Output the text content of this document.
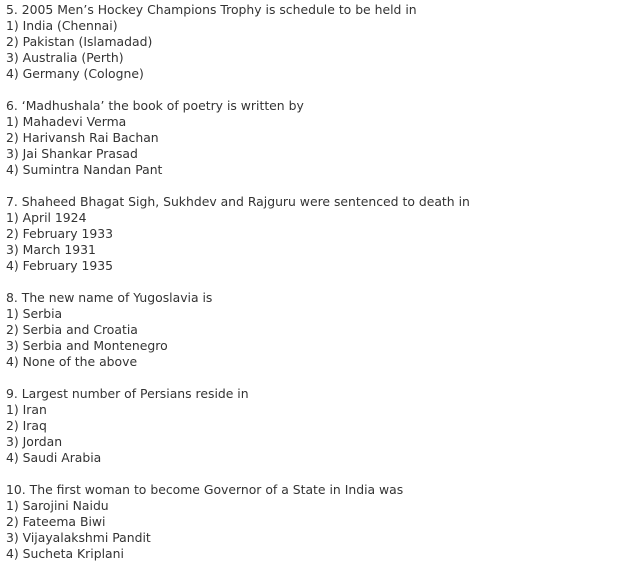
5. 2005 Men’s Hockey Champions Trophy is schedule to be held in
1) India (Chennai)
2) Pakistan (Islamadad)
3) Australia (Perth)
4) Germany (Cologne)
6. ‘Madhushala’ the book of poetry is written by
1) Mahadevi Verma
2) Harivansh Rai Bachan
3) Jai Shankar Prasad
4) Sumintra Nandan Pant
7. Shaheed Bhagat Sigh, Sukhdev and Rajguru were sentenced to death in
1) April 1924
2) February 1933
3) March 1931
4) February 1935
8. The new name of Yugoslavia is
1) Serbia
2) Serbia and Croatia
3) Serbia and Montenegro
4) None of the above
9. Largest number of Persians reside in
1) Iran
2) Iraq
3) Jordan
4) Saudi Arabia
10. The first woman to become Governor of a State in India was
1) Sarojini Naidu
2) Fateema Biwi
3) Vijayalakshmi Pandit
4) Sucheta Kriplani
